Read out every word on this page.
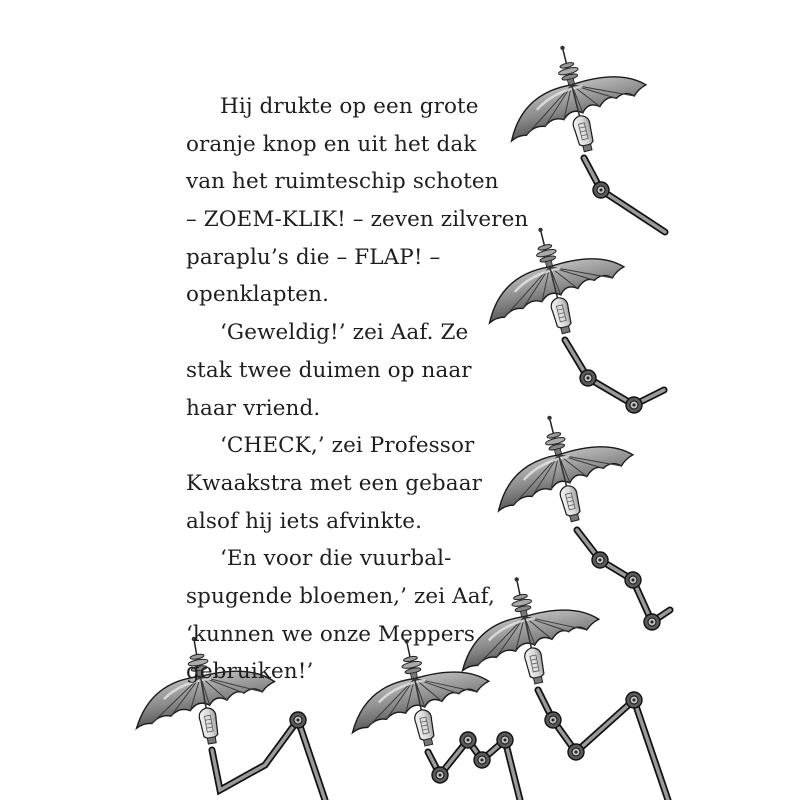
Hij drukte op een grote
oranje knop en uit het dak
van het ruimteschip schoten
– ZOEM-KLIK! – zeven zilveren
paraplu’s die – FLAP! –
openklapten.
‘Geweldig!’ zei Aaf. Ze
stak twee duimen op naar
haar vriend.
‘CHECK,’ zei Professor
Kwaakstra met een gebaar
alsof hij iets afvinkte.
‘En voor die vuurbal-
spugende bloemen,’ zei Aaf,
‘kunnen we onze Meppers
gebruiken!’
